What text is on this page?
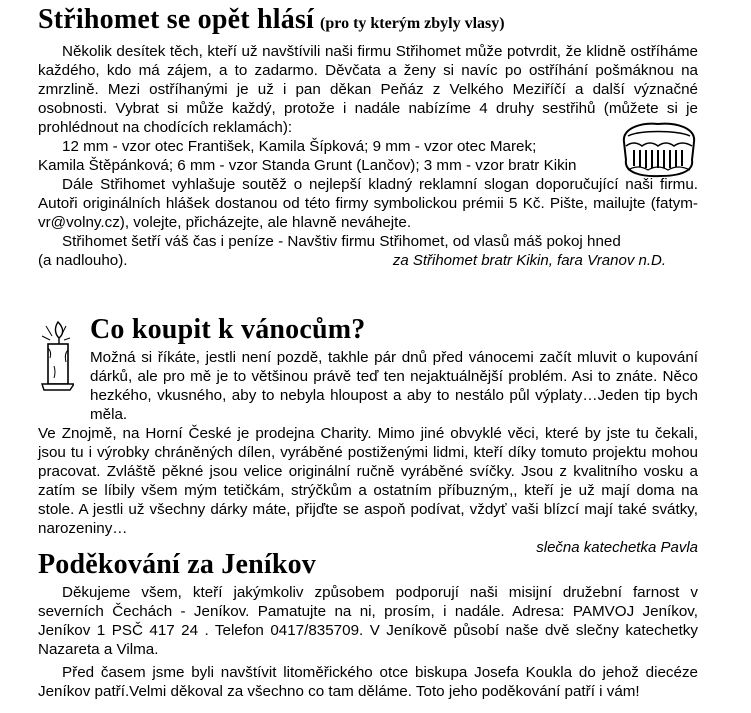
Střihomet se opět hlásí (pro ty kterým zbyly vlasy)

Několik desítek těch, kteří už navštívili naši firmu Střihomet může potvrdit, že klidně ostříháme každého, kdo má zájem, a to zadarmo. Děvčata a ženy si navíc po ostříhání pošmáknou na zmrzlině. Mezi ostříhanými je už i pan děkan Peňáz z Velkého Meziříčí a další význačné osobnosti. Vybrat si může každý, protože i nadále nabízíme 4 druhy sestřihů (můžete si je prohlédnout na chodících reklamách):

12 mm - vzor otec František, Kamila Šípková; 9 mm - vzor otec Marek;

Kamila Štěpánková; 6 mm - vzor Standa Grunt (Lančov); 3 mm - vzor bratr Kikin

Dále Střihomet vyhlašuje soutěž o nejlepší kladný reklamní slogan doporučující naši firmu. Autoři originálních hlášek dostanou od této firmy symbolickou prémii 5 Kč. Pište, mailujte (fatym-vr@volny.cz), volejte, přicházejte, ale hlavně neváhejte.

Střihomet šetří váš čas i peníze - Navštiv firmu Střihomet, od vlasů máš pokoj hned

(a nadlouho).	za Střihomet bratr Kikin, fara Vranov n.D.
Co koupit k vánocům?

Možná si říkáte, jestli není pozdě, takhle pár dnů před vánocemi začít mluvit o kupování dárků, ale pro mě je to většinou právě teď ten nejaktuálnější problém. Asi to znáte. Něco hezkého, vkusného, aby to nebyla hloupost a aby to nestálo půl výplaty…Jeden tip bych měla.
Ve Znojmě, na Horní České je prodejna Charity. Mimo jiné obvyklé věci, které by jste tu čekali, jsou tu i výrobky chráněných dílen, vyráběné postiženými lidmi, kteří díky tomuto projektu mohou pracovat. Zvláště pěkné jsou velice originální ručně vyráběné svíčky. Jsou z kvalitního vosku a zatím se líbily všem mým tetičkám, strýčkům a ostatním příbuzným,, kteří je už mají doma na stole. A jestli už všechny dárky máte, přijďte se aspoň podívat, vždyť vaši blízcí mají také svátky, narozeniny…

slečna katechetka Pavla
Poděkování za Jeníkov

Děkujeme všem, kteří jakýmkoliv způsobem podporují naši misijní družební farnost v severních Čechách - Jeníkov. Pamatujte na ni, prosím, i nadále. Adresa: PAMVOJ Jeníkov, Jeníkov 1 PSČ 417 24 . Telefon 0417/835709. V Jeníkově působí naše dvě slečny katechetky Nazareta a Vilma.

Před časem jsme byli navštívit litoměřického otce biskupa Josefa Koukla do jehož diecéze Jeníkov patří.Velmi děkoval za všechno co tam děláme. Toto jeho poděkování patří i vám!
